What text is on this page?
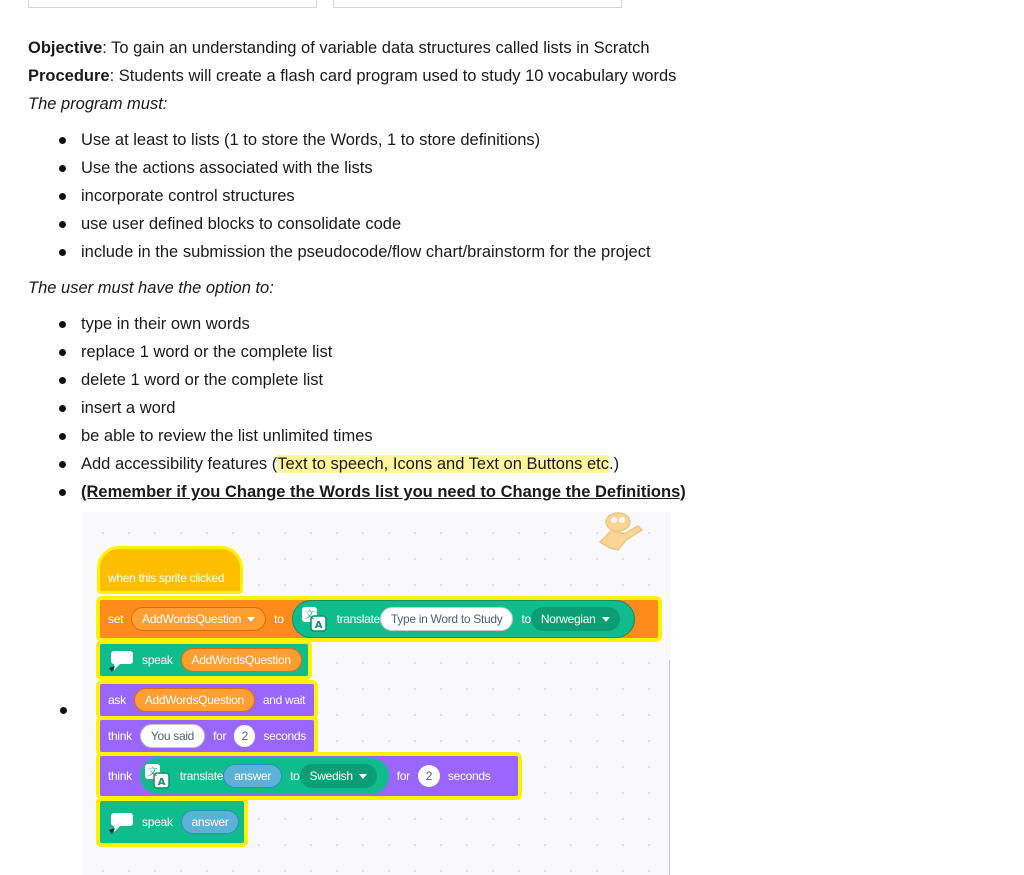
Objective: To gain an understanding of variable data structures called lists in Scratch

Procedure: Students will create a flash card program used to study 10 vocabulary words

The program must:

Use at least to lists (1 to store the Words, 1 to store definitions)
Use the actions associated with the lists
incorporate control structures
use user defined blocks to consolidate code
include in the submission the pseudocode/flow chart/brainstorm for the project

The user must have the option to:

type in their own words
replace 1 word or the complete list
delete 1 word or the complete list
insert a word
be able to review the list unlimited times
Add accessibility features (Text to speech, Icons and Text on Buttons etc.)
(Remember if you Change the Words list you need to Change the Definitions)
when this sprite clicked
set AddWordsQuestion	to 文
A translate Type in Word to Study	to Norwegian
speak	AddWordsQuestion
ask	AddWordsQuestion	and wait
think	You said	for	2	seconds
think 文
A translate answer	to Swedish	for	2	seconds
speak	answer
